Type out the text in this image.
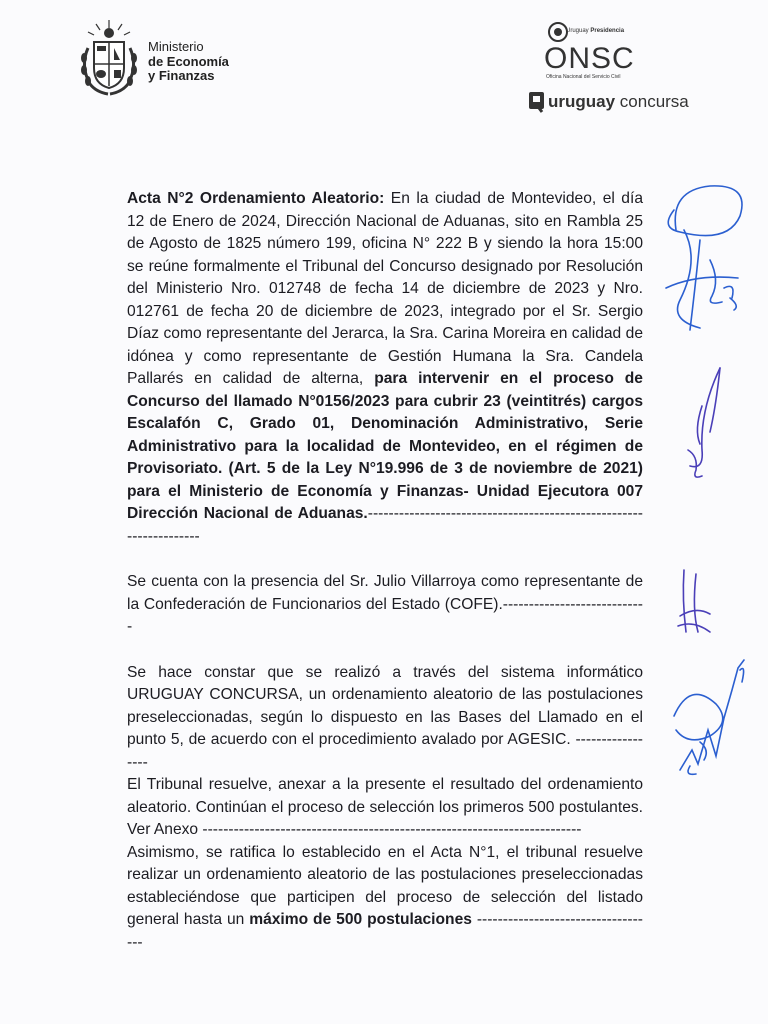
Ministerio
de Economía
y Finanzas
Uruguay Presidencia
ONSC
Oficina Nacional del Servicio Civil
uruguay concursa

Acta N°2 Ordenamiento Aleatorio: En la ciudad de Montevideo, el día 12 de Enero de 2024, Dirección Nacional de Aduanas, sito en Rambla 25 de Agosto de 1825 número 199, oficina N° 222 B y siendo la hora 15:00 se reúne formalmente el Tribunal del Concurso designado por Resolución del Ministerio Nro. 012748 de fecha 14 de diciembre de 2023 y Nro. 012761 de fecha 20 de diciembre de 2023, integrado por el Sr. Sergio Díaz como representante del Jerarca, la Sra. Carina Moreira en calidad de idónea y como representante de Gestión Humana la Sra. Candela Pallarés en calidad de alterna, para intervenir en el proceso de Concurso del llamado N°0156/2023 para cubrir 23 (veintitrés) cargos Escalafón C, Grado 01, Denominación Administrativo, Serie Administrativo para la localidad de Montevideo, en el régimen de Provisoriato. (Art. 5 de la Ley N°19.996 de 3 de noviembre de 2021) para el Ministerio de Economía y Finanzas- Unidad Ejecutora 007 Dirección Nacional de Aduanas.-------------------------------------------------------------------

Se cuenta con la presencia del Sr. Julio Villarroya como representante de la Confederación de Funcionarios del Estado (COFE).----------------------------

Se hace constar que se realizó a través del sistema informático URUGUAY CONCURSA, un ordenamiento aleatorio de las postulaciones preseleccionadas, según lo dispuesto en las Bases del Llamado en el punto 5, de acuerdo con el procedimiento avalado por AGESIC. -----------------

El Tribunal resuelve, anexar a la presente el resultado del ordenamiento aleatorio. Continúan el proceso de selección los primeros 500 postulantes. Ver Anexo -------------------------------------------------------------------------

Asimismo, se ratifica lo establecido en el Acta N°1, el tribunal resuelve realizar un ordenamiento aleatorio de las postulaciones preseleccionadas estableciéndose que participen del proceso de selección del listado general hasta un máximo de 500 postulaciones -----------------------------------
